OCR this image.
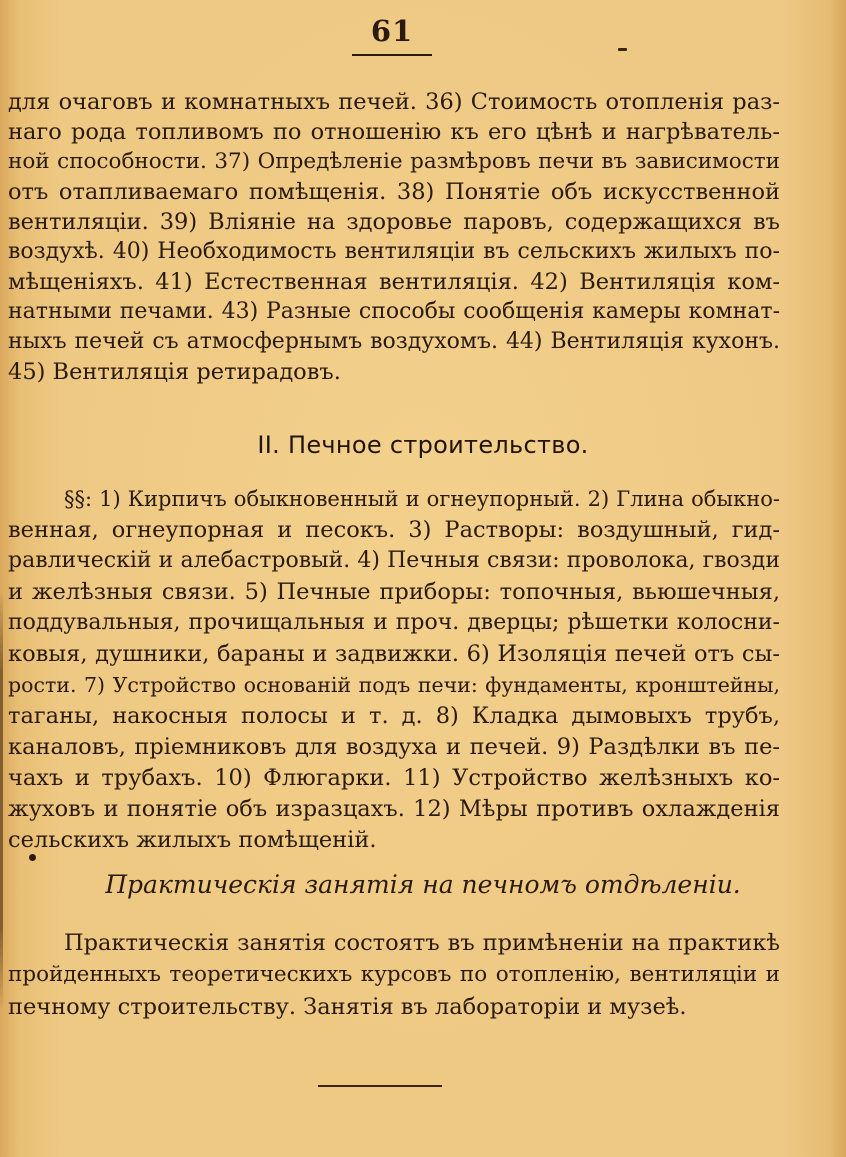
61
для очаговъ и комнатныхъ печей. 36) Стоимость отопленія раз-
наго рода топливомъ по отношенію къ его цѣнѣ и нагрѣватель-
ной способности. 37) Опредѣленіе размѣровъ печи въ зависимости
отъ отапливаемаго помѣщенія. 38) Понятіе объ искусственной
вентиляціи. 39) Вліяніе на здоровье паровъ, содержащихся въ
воздухѣ. 40) Необходимость вентиляціи въ сельскихъ жилыхъ по-
мѣщеніяхъ. 41) Естественная вентиляція. 42) Вентиляція ком-
натными печами. 43) Разные способы сообщенія камеры комнат-
ныхъ печей съ атмосфернымъ воздухомъ. 44) Вентиляція кухонъ.
45) Вентиляція ретирадовъ.
II. Печное строительство.
§§: 1) Кирпичъ обыкновенный и огнеупорный. 2) Глина обыкно-
венная, огнеупорная и песокъ. 3) Растворы: воздушный, гид-
равлическій и алебастровый. 4) Печныя связи: проволока, гвозди
и желѣзныя связи. 5) Печные приборы: топочныя, вьюшечныя,
поддувальныя, прочищальныя и проч. дверцы; рѣшетки колосни-
ковыя, душники, бараны и задвижки. 6) Изоляція печей отъ сы-
рости. 7) Устройство основаній подъ печи: фундаменты, кронштейны,
таганы, накосныя полосы и т. д. 8) Кладка дымовыхъ трубъ,
каналовъ, пріемниковъ для воздуха и печей. 9) Раздѣлки въ пе-
чахъ и трубахъ. 10) Флюгарки. 11) Устройство желѣзныхъ ко-
жуховъ и понятіе объ изразцахъ. 12) Мѣры противъ охлажденія
сельскихъ жилыхъ помѣщеній.
Практическія занятія на печномъ отдѣленіи.
Практическія занятія состоятъ въ примѣненіи на практикѣ
пройденныхъ теоретическихъ курсовъ по отопленію, вентиляціи и
печному строительству. Занятія въ лабораторіи и музеѣ.
